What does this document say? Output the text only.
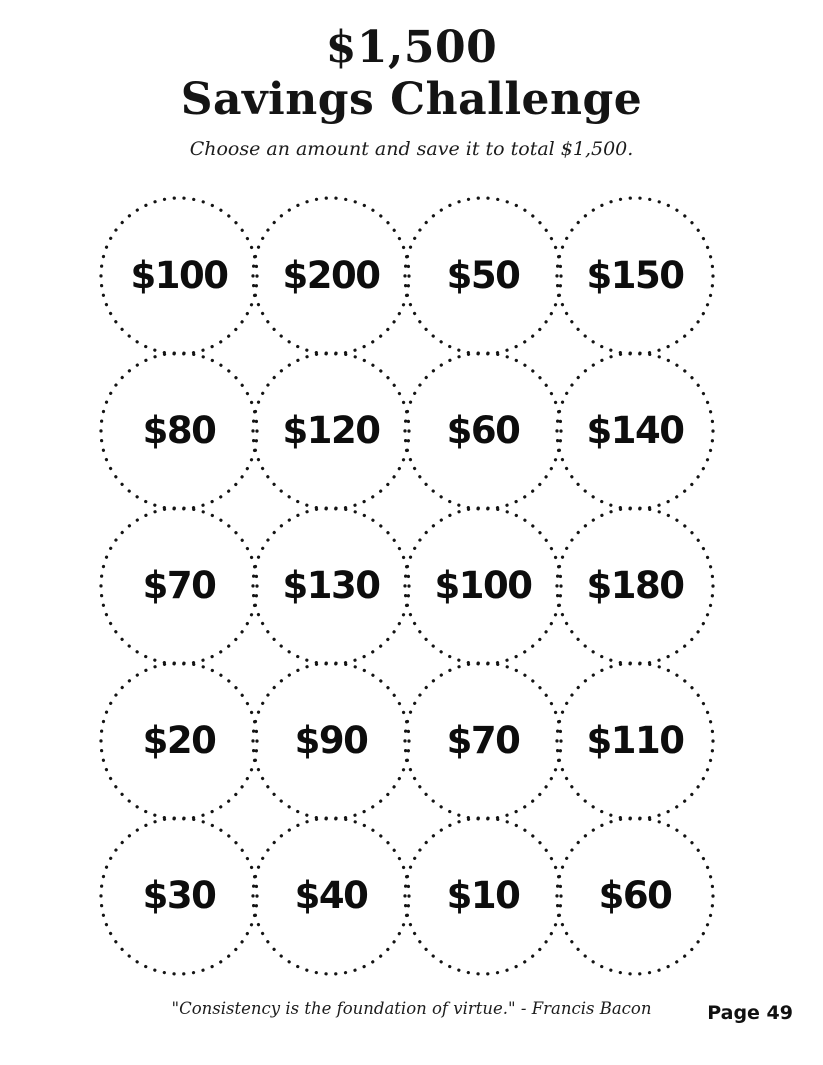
$1,500
Savings Challenge
Choose an amount and save it to total $1,500.
$100 $200 $50 $150
$80 $120 $60 $140
$70 $130 $100 $180
$20 $90 $70 $110
$30 $40 $10 $60
"Consistency is the foundation of virtue." - Francis Bacon	Page 49
